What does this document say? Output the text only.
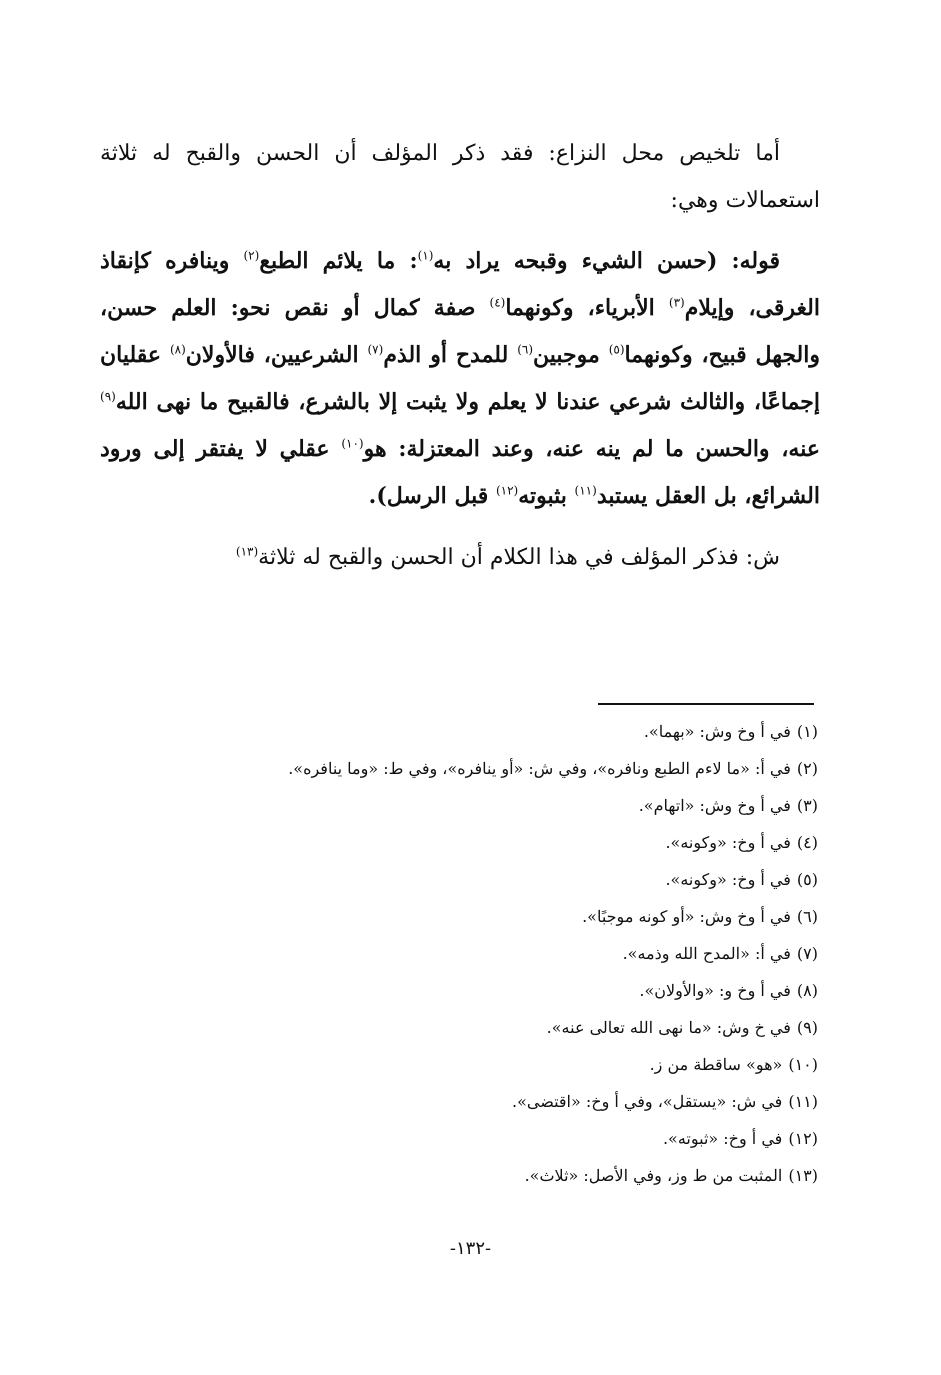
أما تلخيص محل النزاع: فقد ذكر المؤلف أن الحسن والقبح له ثلاثة استعمالات وهي:

قوله: (حسن الشيء وقبحه يراد به$^{(١)}$: ما يلائم الطبع$^{(٢)}$ وينافره كإنقاذ الغرقى، وإيلام$^{(٣)}$ الأبرياء، وكونهما$^{(٤)}$ صفة كمال أو نقص نحو: العلم حسن، والجهل قبيح، وكونهما$^{(٥)}$ موجبين$^{(٦)}$ للمدح أو الذم$^{(٧)}$ الشرعيين، فالأولان$^{(٨)}$ عقليان إجماعًا، والثالث شرعي عندنا لا يعلم ولا يثبت إلا بالشرع، فالقبيح ما نهى الله$^{(٩)}$ عنه، والحسن ما لم ينه عنه، وعند المعتزلة: هو$^{(١٠)}$ عقلي لا يفتقر إلى ورود الشرائع، بل العقل يستبد$^{(١١)}$ بثبوته$^{(١٢)}$ قبل الرسل).

ش: فذكر المؤلف في هذا الكلام أن الحسن والقبح له ثلاثة$^{(١٣)}$

(١)في أ وخ وش: «بهما».
(٢)في أ: «ما لاءم الطبع ونافره»، وفي ش: «أو ينافره»، وفي ط: «وما ينافره».
(٣)في أ وخ وش: «اتهام».
(٤)في أ وخ: «وكونه».
(٥)في أ وخ: «وكونه».
(٦)في أ وخ وش: «أو كونه موجبًا».
(٧)في أ: «المدح الله وذمه».
(٨)في أ وخ و: «والأولان».
(٩)في خ وش: «ما نهى الله تعالى عنه».
(١٠)«هو» ساقطة من ز.
(١١)في ش: «يستقل»، وفي أ وخ: «اقتضى».
(١٢)في أ وخ: «ثبوته».
(١٣)المثبت من ط وز، وفي الأصل: «ثلاث».
-١٣٢-
